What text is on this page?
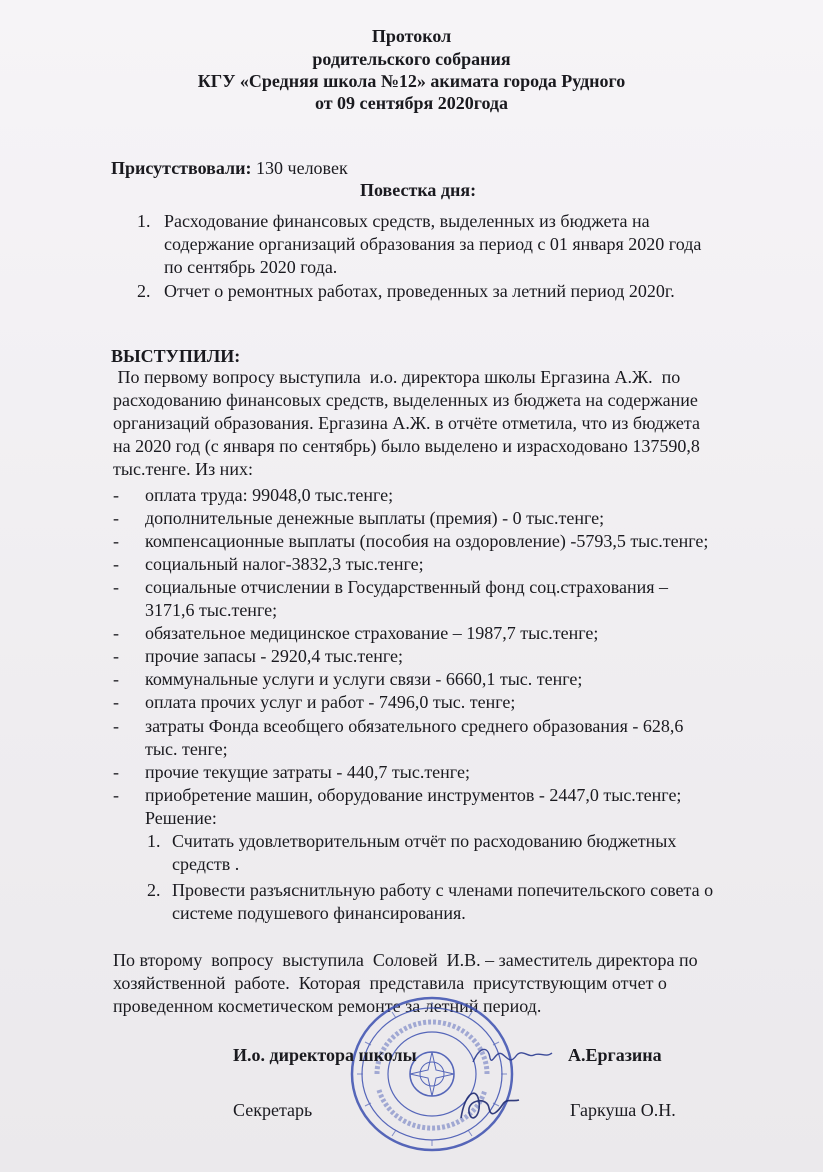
Протокол
родительского собрания
КГУ «Средняя школа №12» акимата города Рудного
от 09 сентября 2020года
Присутствовали: 130 человек
Повестка дня:
1. Расходование финансовых средств, выделенных из бюджета на
содержание организаций образования за период с 01 января 2020 года
по сентябрь 2020 года.
2. Отчет о ремонтных работах, проведенных за летний период 2020г.
ВЫСТУПИЛИ:
По первому вопросу выступила  и.о. директора школы Ергазина А.Ж.  по
расходованию финансовых средств, выделенных из бюджета на содержание
организаций образования. Ергазина А.Ж. в отчёте отметила, что из бюджета
на 2020 год (с января по сентябрь) было выделено и израсходовано 137590,8
тыс.тенге. Из них:
- оплата труда: 99048,0 тыс.тенге;
- дополнительные денежные выплаты (премия) - 0 тыс.тенге;
- компенсационные выплаты (пособия на оздоровление) -5793,5 тыс.тенге;
- социальный налог-3832,3 тыс.тенге;
- социальные отчислении в Государственный фонд соц.страхования –
3171,6 тыс.тенге;
- обязательное медицинское страхование – 1987,7 тыс.тенге;
- прочие запасы - 2920,4 тыс.тенге;
- коммунальные услуги и услуги связи - 6660,1 тыс. тенге;
- оплата прочих услуг и работ - 7496,0 тыс. тенге;
- затраты Фонда всеобщего обязательного среднего образования - 628,6
тыс. тенге;
- прочие текущие затраты - 440,7 тыс.тенге;
- приобретение машин, оборудование инструментов - 2447,0 тыс.тенге;
Решение:
1. Считать удовлетворительным отчёт по расходованию бюджетных
средств .
2. Провести разъяснитльную работу с членами попечительского совета о
системе подушевого финансирования.
По второму  вопросу  выступила  Соловей  И.В. – заместитель директора по
хозяйственной  работе.  Которая  представила  присутствующим отчет о
проведенном косметическом ремонте за летний период.
И.о. директора школы	А.Ергазина
Секретарь	Гаркуша О.Н.
